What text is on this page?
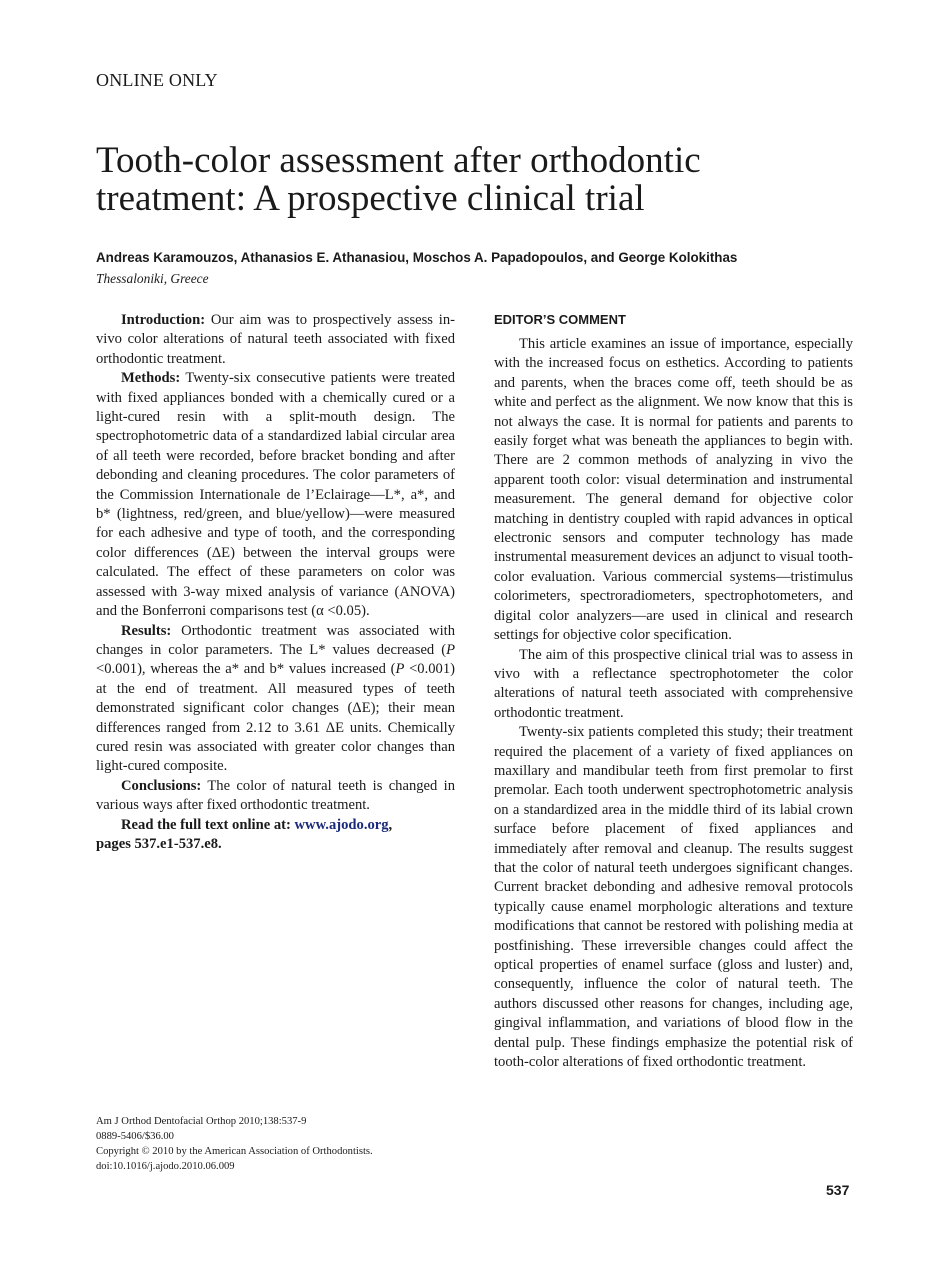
ONLINE ONLY
Tooth-color assessment after orthodontic
treatment: A prospective clinical trial
Andreas Karamouzos, Athanasios E. Athanasiou, Moschos A. Papadopoulos, and George Kolokithas
Thessaloniki, Greece

Introduction: Our aim was to prospectively assess in-vivo color alterations of natural teeth associated with fixed orthodontic treatment.

Methods: Twenty-six consecutive patients were treated with fixed appliances bonded with a chemically cured or a light-cured resin with a split-mouth design. The spectrophotometric data of a standardized labial circular area of all teeth were recorded, before bracket bonding and after debonding and cleaning procedures. The color parameters of the Commission Internationale de l’Eclairage—L*, a*, and b* (lightness, red/green, and blue/yellow)—were measured for each adhesive and type of tooth, and the corresponding color differences (ΔE) between the interval groups were calculated. The effect of these parameters on color was assessed with 3-way mixed analysis of variance (ANOVA) and the Bonferroni comparisons test (α <0.05).

Results: Orthodontic treatment was associated with changes in color parameters. The L* values decreased (P <0.001), whereas the a* and b* values increased (P <0.001) at the end of treatment. All measured types of teeth demonstrated significant color changes (ΔE); their mean differences ranged from 2.12 to 3.61 ΔE units. Chemically cured resin was associated with greater color changes than light-cured composite.

Conclusions: The color of natural teeth is changed in various ways after fixed orthodontic treatment.

Read the full text online at: www.ajodo.org,

pages 537.e1-537.e8.
EDITOR’S COMMENT

This article examines an issue of importance, especially with the increased focus on esthetics. According to patients and parents, when the braces come off, teeth should be as white and perfect as the alignment. We now know that this is not always the case. It is normal for patients and parents to easily forget what was beneath the appliances to begin with. There are 2 common methods of analyzing in vivo the apparent tooth color: visual determination and instrumental measurement. The general demand for objective color matching in dentistry coupled with rapid advances in optical electronic sensors and computer technology has made instrumental measurement devices an adjunct to visual tooth-color evaluation. Various commercial systems—tristimulus colorimeters, spectroradiometers, spectrophotometers, and digital color analyzers—are used in clinical and research settings for objective color specification.

The aim of this prospective clinical trial was to assess in vivo with a reflectance spectrophotometer the color alterations of natural teeth associated with comprehensive orthodontic treatment.

Twenty-six patients completed this study; their treatment required the placement of a variety of fixed appliances on maxillary and mandibular teeth from first premolar to first premolar. Each tooth underwent spectrophotometric analysis on a standardized area in the middle third of its labial crown surface before placement of fixed appliances and immediately after removal and cleanup. The results suggest that the color of natural teeth undergoes significant changes. Current bracket debonding and adhesive removal protocols typically cause enamel morphologic alterations and texture modifications that cannot be restored with polishing media at postfinishing. These irreversible changes could affect the optical properties of enamel surface (gloss and luster) and, consequently, influence the color of natural teeth. The authors discussed other reasons for changes, including age, gingival inflammation, and variations of blood flow in the dental pulp. These findings emphasize the potential risk of tooth-color alterations of fixed orthodontic treatment.

Am J Orthod Dentofacial Orthop 2010;138:537-9
0889-5406/$36.00
Copyright © 2010 by the American Association of Orthodontists.
doi:10.1016/j.ajodo.2010.06.009
537
